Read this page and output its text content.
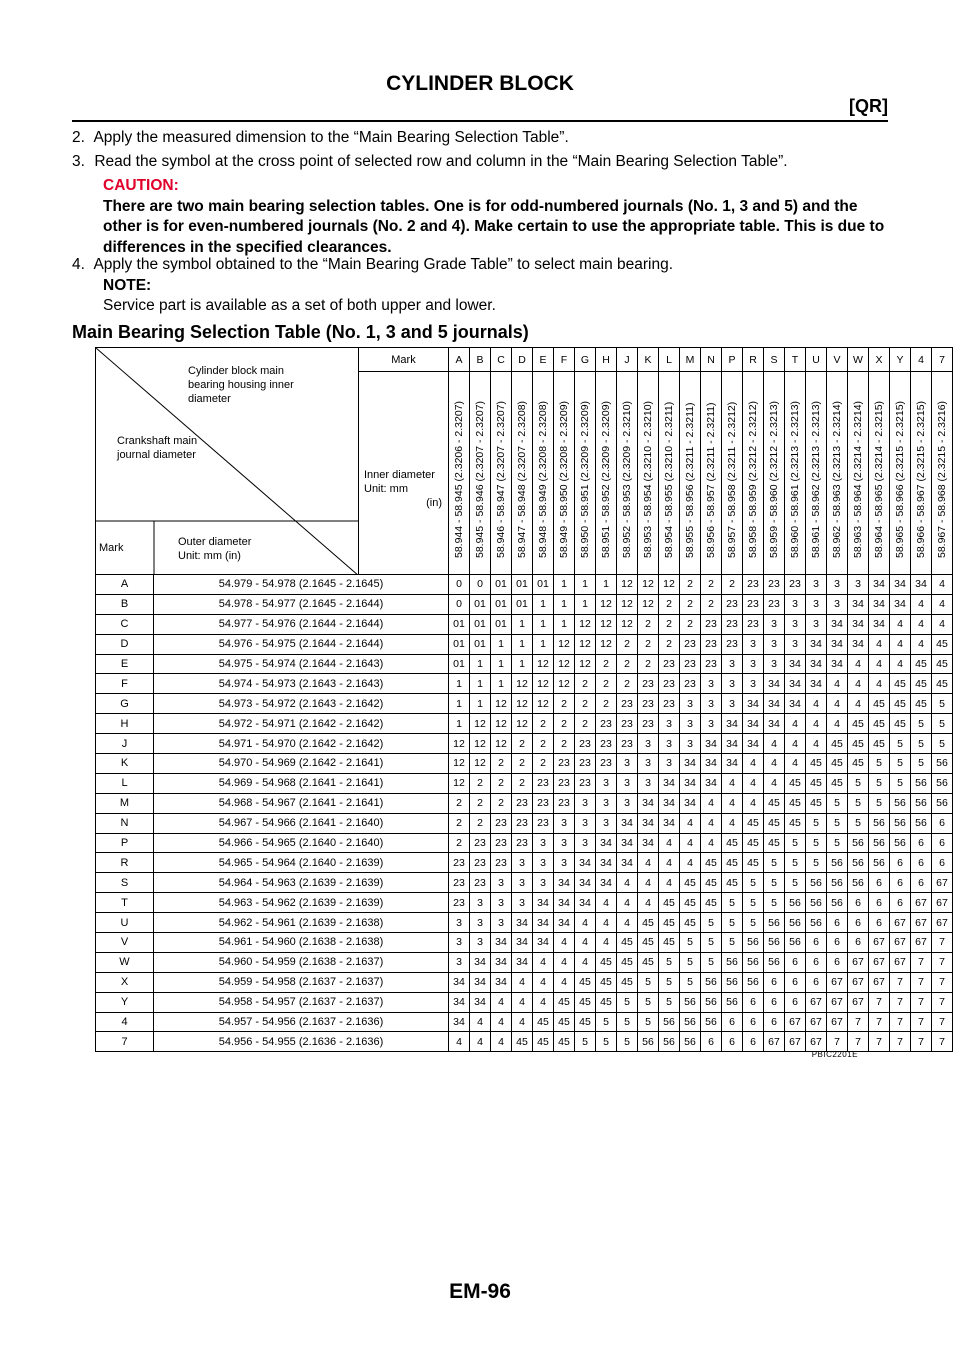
CYLINDER BLOCK
[QR]
2. Apply the measured dimension to the “Main Bearing Selection Table”.
3. Read the symbol at the cross point of selected row and column in the “Main Bearing Selection Table”.
CAUTION:
There are two main bearing selection tables. One is for odd-numbered journals (No. 1, 3 and 5) and the other is for even-numbered journals (No. 2 and 4). Make certain to use the appropriate table. This is due to differences in the specified clearances.
4. Apply the symbol obtained to the “Main Bearing Grade Table” to select main bearing.
NOTE:
Service part is available as a set of both upper and lower.
Main Bearing Selection Table (No. 1, 3 and 5 journals)
Cylinder block main bearing housing inner diameter
Crankshaft main journal diameter
Mark Outer diameter
Unit: mm (in)		Mark	A	B	C	D	E	F	G	H	J	K	L	M	N	P	R	S	T	U	V	W	X	Y	4	7

		Inner diameter Unit: mm
(in)	58.944 - 58.945 (2.3206 - 2.3207)	58.945 - 58.946 (2.3207 - 2.3207)	58.946 - 58.947 (2.3207 - 2.3207)	58.947 - 58.948 (2.3207 - 2.3208)	58.948 - 58.949 (2.3208 - 2.3208)	58.949 - 58.950 (2.3208 - 2.3209)	58.950 - 58.951 (2.3209 - 2.3209)	58.951 - 58.952 (2.3209 - 2.3209)	58.952 - 58.953 (2.3209 - 2.3210)	58.953 - 58.954 (2.3210 - 2.3210)	58.954 - 58.955 (2.3210 - 2.3211)	58.955 - 58.956 (2.3211 - 2.3211)	58.956 - 58.957 (2.3211 - 2.3211)	58.957 - 58.958 (2.3211 - 2.3212)	58.958 - 58.959 (2.3212 - 2.3212)	58.959 - 58.960 (2.3212 - 2.3213)	58.960 - 58.961 (2.3213 - 2.3213)	58.961 - 58.962 (2.3213 - 2.3213)	58.962 - 58.963 (2.3213 - 2.3214)	58.963 - 58.964 (2.3214 - 2.3214)	58.964 - 58.965 (2.3214 - 2.3215)	58.965 - 58.966 (2.3215 - 2.3215)	58.966 - 58.967 (2.3215 - 2.3215)	58.967 - 58.968 (2.3215 - 2.3216)

A	54.979 - 54.978 (2.1645 - 2.1645)		0	0	01	01	01	1	1	1	12	12	12	2	2	2	23	23	23	3	3	3	34	34	34	4
B	54.978 - 54.977 (2.1645 - 2.1644)		0	01	01	01	1	1	1	12	12	12	2	2	2	23	23	23	3	3	3	34	34	34	4	4
C	54.977 - 54.976 (2.1644 - 2.1644)		01	01	01	1	1	1	12	12	12	2	2	2	23	23	23	3	3	3	34	34	34	4	4	4
D	54.976 - 54.975 (2.1644 - 2.1644)		01	01	1	1	1	12	12	12	2	2	2	23	23	23	3	3	3	34	34	34	4	4	4	45
E	54.975 - 54.974 (2.1644 - 2.1643)		01	1	1	1	12	12	12	2	2	2	23	23	23	3	3	3	34	34	34	4	4	4	45	45
F	54.974 - 54.973 (2.1643 - 2.1643)		1	1	1	12	12	12	2	2	2	23	23	23	3	3	3	34	34	34	4	4	4	45	45	45
G	54.973 - 54.972 (2.1643 - 2.1642)		1	1	12	12	12	2	2	2	23	23	23	3	3	3	34	34	34	4	4	4	45	45	45	5
H	54.972 - 54.971 (2.1642 - 2.1642)		1	12	12	12	2	2	2	23	23	23	3	3	3	34	34	34	4	4	4	45	45	45	5	5
J	54.971 - 54.970 (2.1642 - 2.1642)		12	12	12	2	2	2	23	23	23	3	3	3	34	34	34	4	4	4	45	45	45	5	5	5
K	54.970 - 54.969 (2.1642 - 2.1641)		12	12	2	2	2	23	23	23	3	3	3	34	34	34	4	4	4	45	45	45	5	5	5	56
L	54.969 - 54.968 (2.1641 - 2.1641)		12	2	2	2	23	23	23	3	3	3	34	34	34	4	4	4	45	45	45	5	5	5	56	56
M	54.968 - 54.967 (2.1641 - 2.1641)		2	2	2	23	23	23	3	3	3	34	34	34	4	4	4	45	45	45	5	5	5	56	56	56
N	54.967 - 54.966 (2.1641 - 2.1640)		2	2	23	23	23	3	3	3	34	34	34	4	4	4	45	45	45	5	5	5	56	56	56	6
P	54.966 - 54.965 (2.1640 - 2.1640)		2	23	23	23	3	3	3	34	34	34	4	4	4	45	45	45	5	5	5	56	56	56	6	6
R	54.965 - 54.964 (2.1640 - 2.1639)		23	23	23	3	3	3	34	34	34	4	4	4	45	45	45	5	5	5	56	56	56	6	6	6
S	54.964 - 54.963 (2.1639 - 2.1639)		23	23	3	3	3	34	34	34	4	4	4	45	45	45	5	5	5	56	56	56	6	6	6	67
T	54.963 - 54.962 (2.1639 - 2.1639)		23	3	3	3	34	34	34	4	4	4	45	45	45	5	5	5	56	56	56	6	6	6	67	67
U	54.962 - 54.961 (2.1639 - 2.1638)		3	3	3	34	34	34	4	4	4	45	45	45	5	5	5	56	56	56	6	6	6	67	67	67
V	54.961 - 54.960 (2.1638 - 2.1638)		3	3	34	34	34	4	4	4	45	45	45	5	5	5	56	56	56	6	6	6	67	67	67	7
W	54.960 - 54.959 (2.1638 - 2.1637)		3	34	34	34	4	4	4	45	45	45	5	5	5	56	56	56	6	6	6	67	67	67	7	7
X	54.959 - 54.958 (2.1637 - 2.1637)		34	34	34	4	4	4	45	45	45	5	5	5	56	56	56	6	6	6	67	67	67	7	7	7
Y	54.958 - 54.957 (2.1637 - 2.1637)		34	34	4	4	4	45	45	45	5	5	5	56	56	56	6	6	6	67	67	67	7	7	7	7
4	54.957 - 54.956 (2.1637 - 2.1636)		34	4	4	4	45	45	45	5	5	5	56	56	56	6	6	6	67	67	67	7	7	7	7	7
7	54.956 - 54.955 (2.1636 - 2.1636)		4	4	4	45	45	45	5	5	5	56	56	56	6	6	6	67	67	67	7	7	7	7	7	7
PBIC2201E
EM-96
